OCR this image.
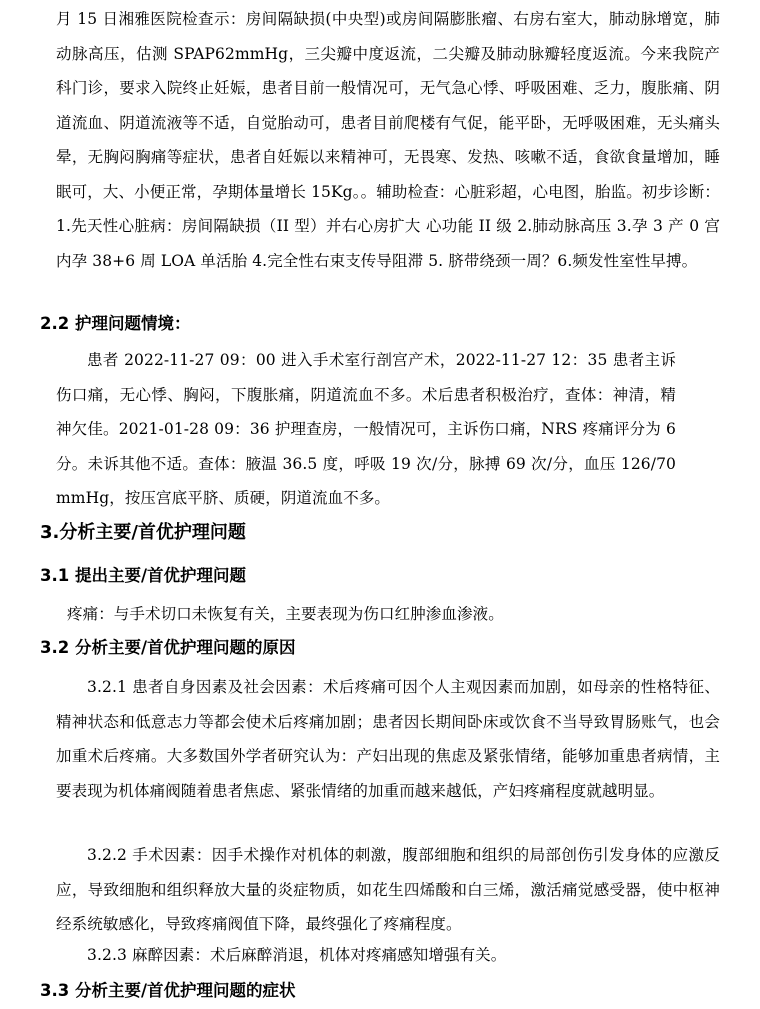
月 15 日湘雅医院检查示：房间隔缺损(中央型)或房间隔膨胀瘤、右房右室大，肺动脉增宽，肺动脉高压，估测 SPAP62mmHg，三尖瓣中度返流，二尖瓣及肺动脉瓣轻度返流。今来我院产科门诊，要求入院终止妊娠，患者目前一般情况可，无气急心悸、呼吸困难、乏力，腹胀痛、阴道流血、阴道流液等不适，自觉胎动可，患者目前爬楼有气促，能平卧，无呼吸困难，无头痛头晕，无胸闷胸痛等症状，患者自妊娠以来精神可，无畏寒、发热、咳嗽不适，食欲食量增加，睡眠可，大、小便正常，孕期体量增长 15Kg。。辅助检查：心脏彩超，心电图，胎监。初步诊断：1.先天性心脏病：房间隔缺损（II 型）并右心房扩大 心功能 II 级 2.肺动脉高压 3.孕 3 产 0 宫内孕 38+6 周 LOA 单活胎 4.完全性右束支传导阻滞 5. 脐带绕颈一周？6.频发性室性早搏。

2.2 护理问题情境：

患者 2022-11-27 09：00 进入手术室行剖宫产术，2022-11-27 12：35 患者主诉伤口痛，无心悸、胸闷，下腹胀痛，阴道流血不多。术后患者积极治疗，查体：神清，精神欠佳。2021-01-28 09：36 护理查房，一般情况可，主诉伤口痛，NRS 疼痛评分为 6 分。未诉其他不适。查体：腋温 36.5 度，呼吸 19 次/分，脉搏 69 次/分，血压 126/70mmHg，按压宫底平脐、质硬，阴道流血不多。

3.分析主要/首优护理问题
3.1 提出主要/首优护理问题

疼痛：与手术切口未恢复有关，主要表现为伤口红肿渗血渗液。

3.2 分析主要/首优护理问题的原因

3.2.1 患者自身因素及社会因素：术后疼痛可因个人主观因素而加剧，如母亲的性格特征、精神状态和低意志力等都会使术后疼痛加剧；患者因长期间卧床或饮食不当导致胃肠账气，也会加重术后疼痛。大多数国外学者研究认为：产妇出现的焦虑及紧张情绪，能够加重患者病情，主要表现为机体痛阀随着患者焦虑、紧张情绪的加重而越来越低，产妇疼痛程度就越明显。

3.2.2 手术因素：因手术操作对机体的刺激，腹部细胞和组织的局部创伤引发身体的应激反应，导致细胞和组织释放大量的炎症物质，如花生四烯酸和白三烯，激活痛觉感受器，使中枢神经系统敏感化，导致疼痛阀值下降，最终强化了疼痛程度。

3.2.3 麻醉因素：术后麻醉消退，机体对疼痛感知增强有关。

3.3 分析主要/首优护理问题的症状
